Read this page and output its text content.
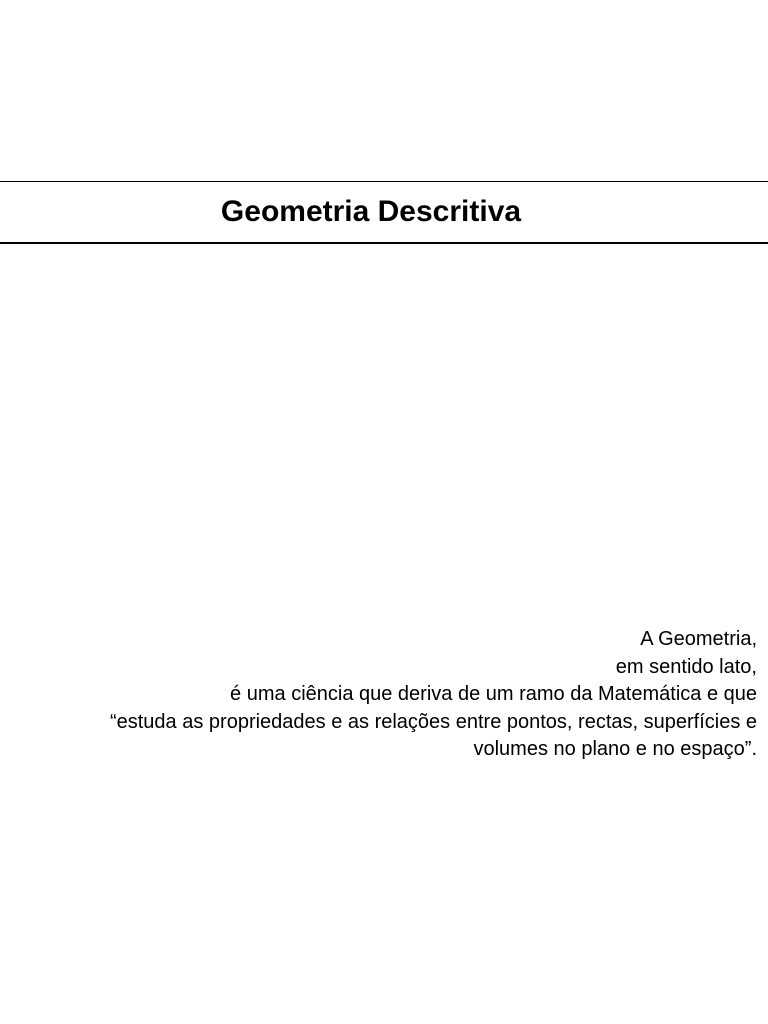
Geometria Descritiva
A Geometria,
em sentido lato,
é uma ciência que deriva de um ramo da Matemática e que
“estuda as propriedades e as relações entre pontos, rectas, superfícies e
volumes no plano e no espaço”.
